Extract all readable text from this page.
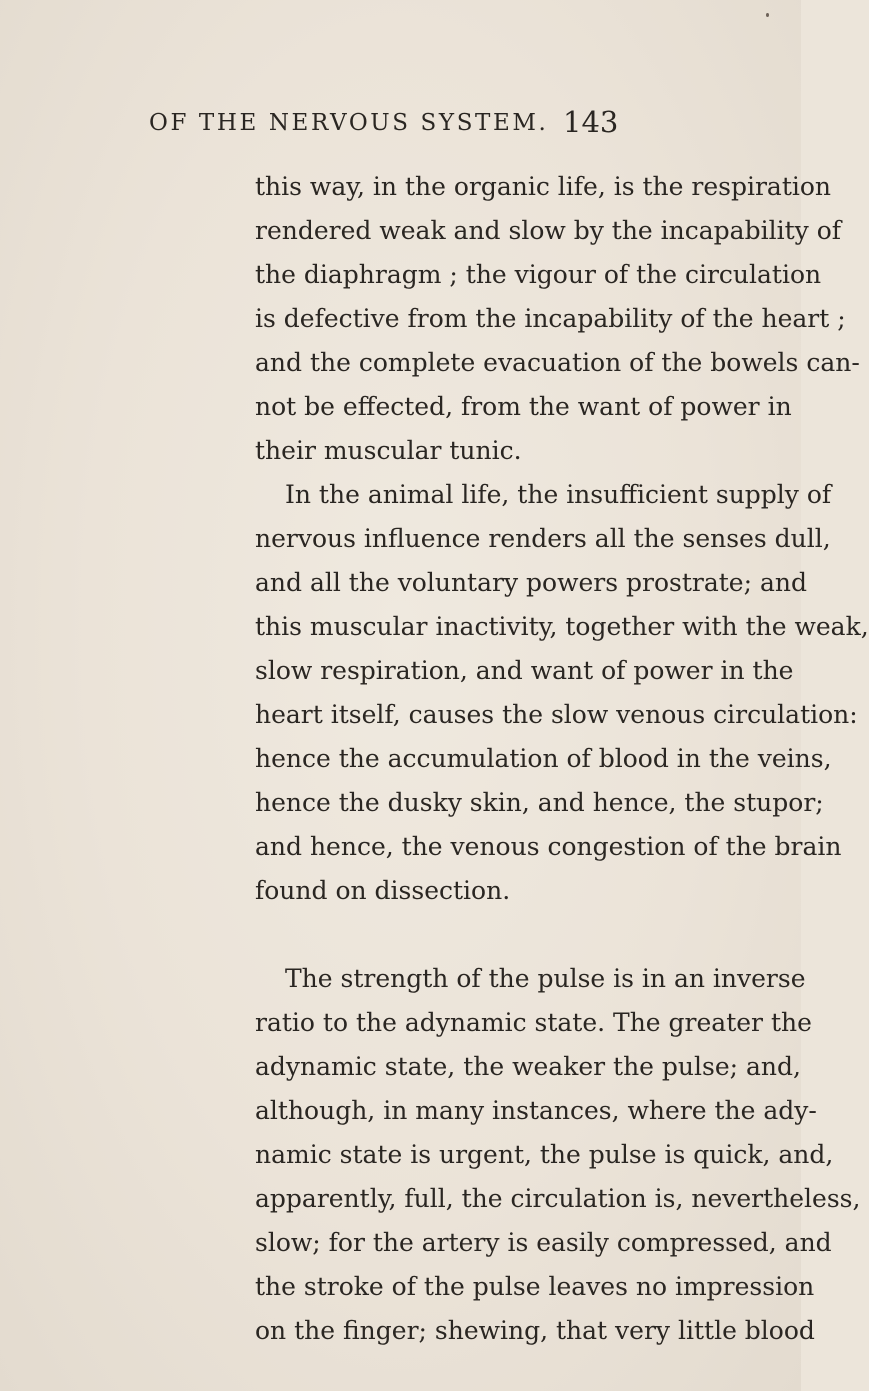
OF THE NERVOUS SYSTEM. 143
this way, in the organic life, is the respiration
rendered weak and slow by the incapability of
the diaphragm ; the vigour of the circulation
is defective from the incapability of the heart ;
and the complete evacuation of the bowels can-
not be effected, from the want of power in
their muscular tunic.
In the animal life, the insufficient supply of
nervous influence renders all the senses dull,
and all the voluntary powers prostrate; and
this muscular inactivity, together with the weak,
slow respiration, and want of power in the
heart itself, causes the slow venous circulation:
hence the accumulation of blood in the veins,
hence the dusky skin, and hence, the stupor;
and hence, the venous congestion of the brain
found on dissection.
The strength of the pulse is in an inverse
ratio to the adynamic state. The greater the
adynamic state, the weaker the pulse; and,
although, in many instances, where the ady-
namic state is urgent, the pulse is quick, and,
apparently, full, the circulation is, nevertheless,
slow; for the artery is easily compressed, and
the stroke of the pulse leaves no impression
on the finger; shewing, that very little blood
